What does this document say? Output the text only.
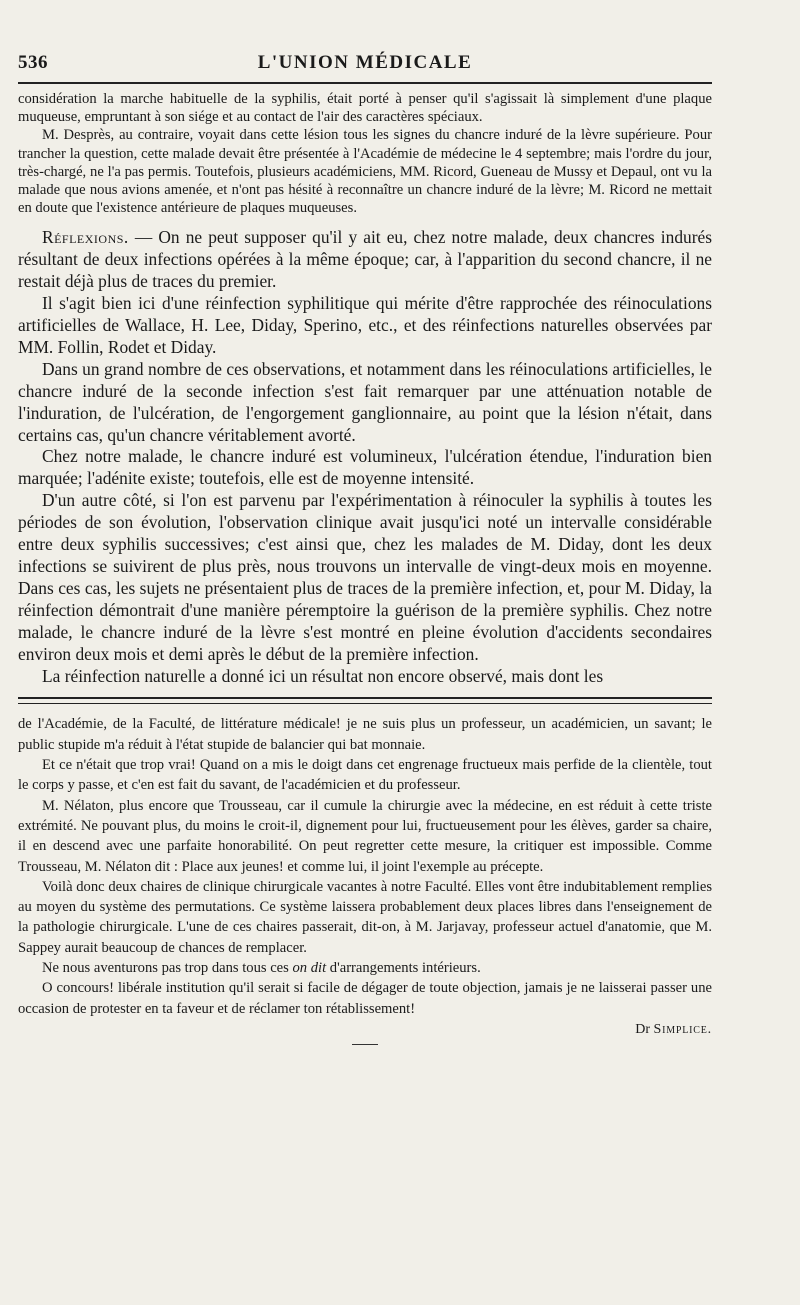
536	L'UNION MÉDICALE

considération la marche habituelle de la syphilis, était porté à penser qu'il s'agissait là simplement d'une plaque muqueuse, empruntant à son siége et au contact de l'air des caractères spéciaux.

M. Desprès, au contraire, voyait dans cette lésion tous les signes du chancre induré de la lèvre supérieure. Pour trancher la question, cette malade devait être présentée à l'Académie de médecine le 4 septembre; mais l'ordre du jour, très-chargé, ne l'a pas permis. Toutefois, plusieurs académiciens, MM. Ricord, Gueneau de Mussy et Depaul, ont vu la malade que nous avions amenée, et n'ont pas hésité à reconnaître un chancre induré de la lèvre; M. Ricord ne mettait en doute que l'existence antérieure de plaques muqueuses.

Réflexions. — On ne peut supposer qu'il y ait eu, chez notre malade, deux chancres indurés résultant de deux infections opérées à la même époque; car, à l'apparition du second chancre, il ne restait déjà plus de traces du premier.

Il s'agit bien ici d'une réinfection syphilitique qui mérite d'être rapprochée des réinoculations artificielles de Wallace, H. Lee, Diday, Sperino, etc., et des réinfections naturelles observées par MM. Follin, Rodet et Diday.

Dans un grand nombre de ces observations, et notamment dans les réinoculations artificielles, le chancre induré de la seconde infection s'est fait remarquer par une atténuation notable de l'induration, de l'ulcération, de l'engorgement ganglionnaire, au point que la lésion n'était, dans certains cas, qu'un chancre véritablement avorté.

Chez notre malade, le chancre induré est volumineux, l'ulcération étendue, l'induration bien marquée; l'adénite existe; toutefois, elle est de moyenne intensité.

D'un autre côté, si l'on est parvenu par l'expérimentation à réinoculer la syphilis à toutes les périodes de son évolution, l'observation clinique avait jusqu'ici noté un intervalle considérable entre deux syphilis successives; c'est ainsi que, chez les malades de M. Diday, dont les deux infections se suivirent de plus près, nous trouvons un intervalle de vingt-deux mois en moyenne. Dans ces cas, les sujets ne présentaient plus de traces de la première infection, et, pour M. Diday, la réinfection démontrait d'une manière péremptoire la guérison de la première syphilis. Chez notre malade, le chancre induré de la lèvre s'est montré en pleine évolution d'accidents secondaires environ deux mois et demi après le début de la première infection.

La réinfection naturelle a donné ici un résultat non encore observé, mais dont les

de l'Académie, de la Faculté, de littérature médicale! je ne suis plus un professeur, un académicien, un savant; le public stupide m'a réduit à l'état stupide de balancier qui bat monnaie.

Et ce n'était que trop vrai! Quand on a mis le doigt dans cet engrenage fructueux mais perfide de la clientèle, tout le corps y passe, et c'en est fait du savant, de l'académicien et du professeur.

M. Nélaton, plus encore que Trousseau, car il cumule la chirurgie avec la médecine, en est réduit à cette triste extrémité. Ne pouvant plus, du moins le croit-il, dignement pour lui, fructueusement pour les élèves, garder sa chaire, il en descend avec une parfaite honorabilité. On peut regretter cette mesure, la critiquer est impossible. Comme Trousseau, M. Nélaton dit : Place aux jeunes! et comme lui, il joint l'exemple au précepte.

Voilà donc deux chaires de clinique chirurgicale vacantes à notre Faculté. Elles vont être indubitablement remplies au moyen du système des permutations. Ce système laissera probablement deux places libres dans l'enseignement de la pathologie chirurgicale. L'une de ces chaires passerait, dit-on, à M. Jarjavay, professeur actuel d'anatomie, que M. Sappey aurait beaucoup de chances de remplacer.

Ne nous aventurons pas trop dans tous ces on dit d'arrangements intérieurs.

O concours! libérale institution qu'il serait si facile de dégager de toute objection, jamais je ne laisserai passer une occasion de protester en ta faveur et de réclamer ton rétablissement!

Dr Simplice.
